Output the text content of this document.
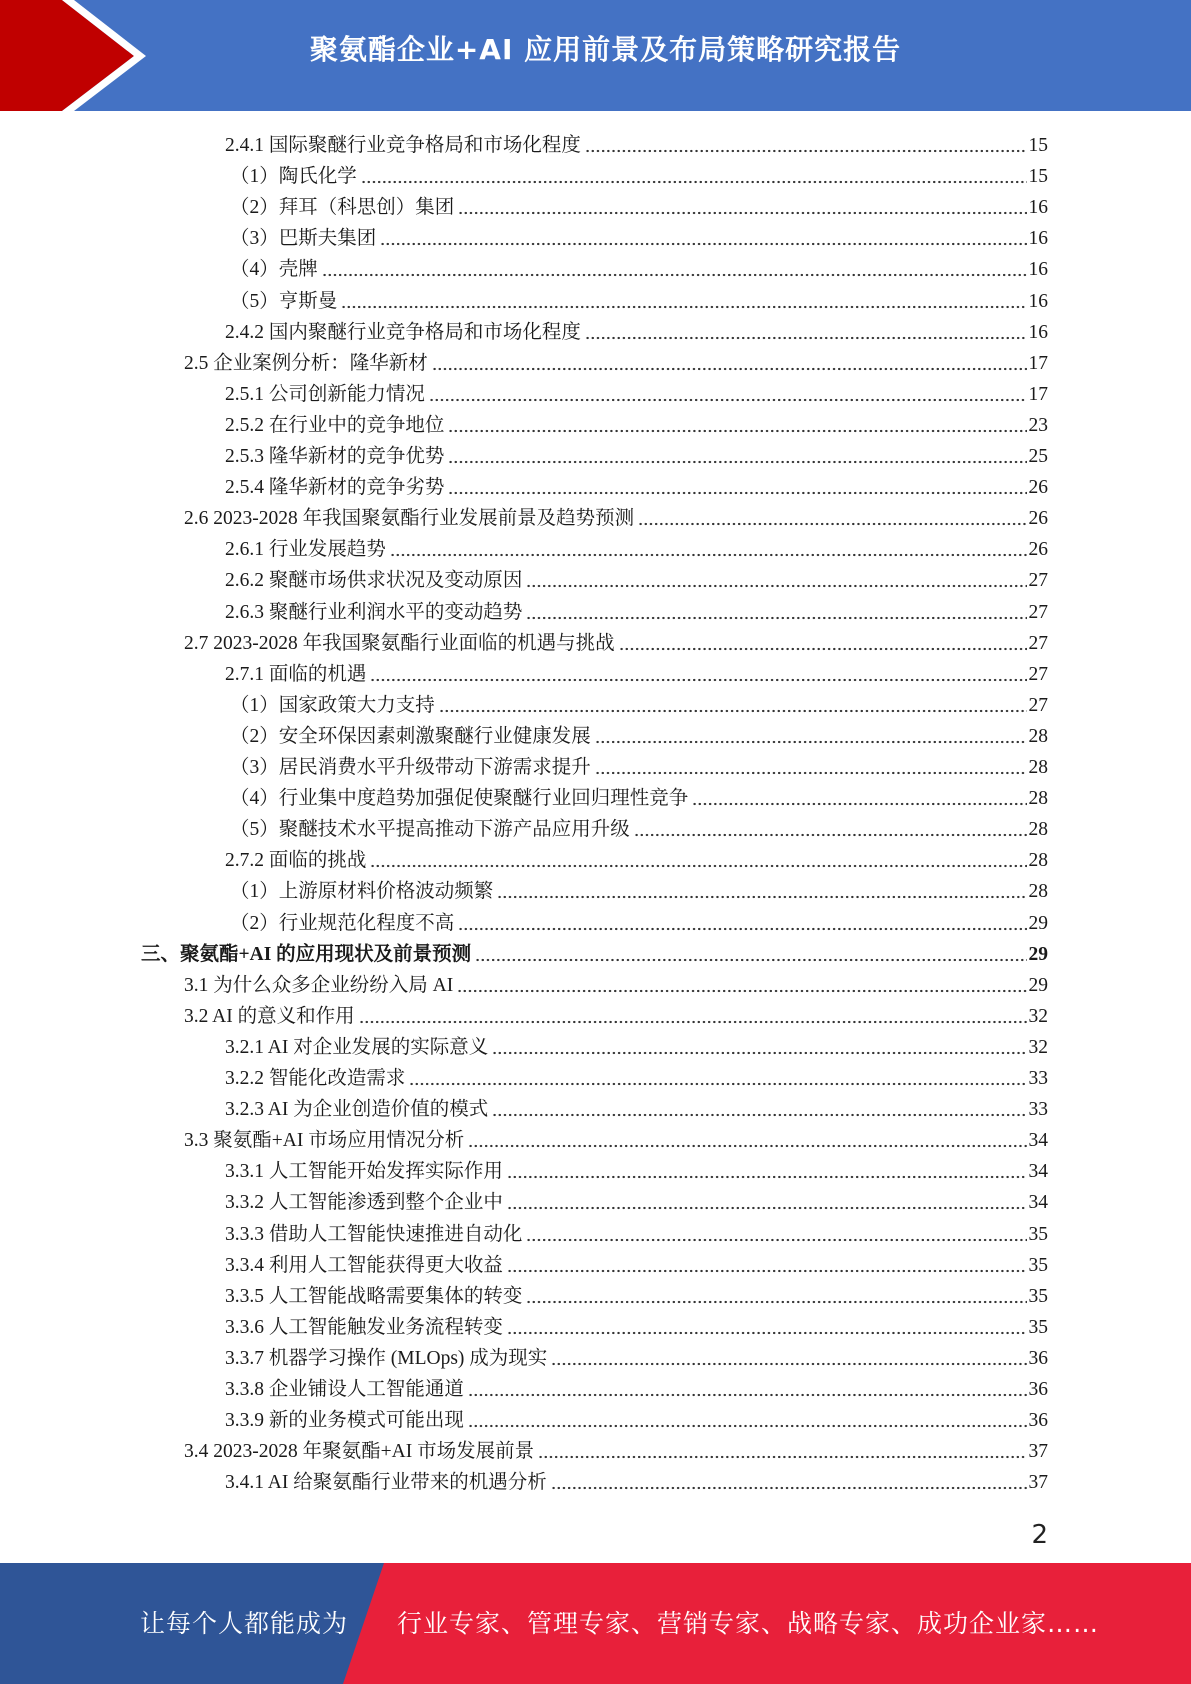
聚氨酯企业+AI 应用前景及布局策略研究报告
2.4.1 国际聚醚行业竞争格局和市场化程度	15
（1）陶氏化学	15
（2）拜耳（科思创）集团	16
（3）巴斯夫集团	16
（4）壳牌	16
（5）亨斯曼	16
2.4.2 国内聚醚行业竞争格局和市场化程度	16
2.5 企业案例分析：隆华新材	17
2.5.1 公司创新能力情况	17
2.5.2 在行业中的竞争地位	23
2.5.3 隆华新材的竞争优势	25
2.5.4 隆华新材的竞争劣势	26
2.6 2023-2028 年我国聚氨酯行业发展前景及趋势预测	26
2.6.1 行业发展趋势	26
2.6.2 聚醚市场供求状况及变动原因	27
2.6.3 聚醚行业利润水平的变动趋势	27
2.7 2023-2028 年我国聚氨酯行业面临的机遇与挑战	27
2.7.1 面临的机遇	27
（1）国家政策大力支持	27
（2）安全环保因素刺激聚醚行业健康发展	28
（3）居民消费水平升级带动下游需求提升	28
（4）行业集中度趋势加强促使聚醚行业回归理性竞争	28
（5）聚醚技术水平提高推动下游产品应用升级	28
2.7.2 面临的挑战	28
（1）上游原材料价格波动频繁	28
（2）行业规范化程度不高	29
三、聚氨酯+AI 的应用现状及前景预测	29
3.1 为什么众多企业纷纷入局 AI	29
3.2 AI 的意义和作用	32
3.2.1 AI 对企业发展的实际意义	32
3.2.2 智能化改造需求	33
3.2.3 AI 为企业创造价值的模式	33
3.3 聚氨酯+AI 市场应用情况分析	34
3.3.1 人工智能开始发挥实际作用	34
3.3.2 人工智能渗透到整个企业中	34
3.3.3 借助人工智能快速推进自动化	35
3.3.4 利用人工智能获得更大收益	35
3.3.5 人工智能战略需要集体的转变	35
3.3.6 人工智能触发业务流程转变	35
3.3.7 机器学习操作 (MLOps) 成为现实	36
3.3.8 企业铺设人工智能通道	36
3.3.9 新的业务模式可能出现	36
3.4 2023-2028 年聚氨酯+AI 市场发展前景	37
3.4.1 AI 给聚氨酯行业带来的机遇分析	37
2
让每个人都能成为 行业专家、管理专家、营销专家、战略专家、成功企业家……
